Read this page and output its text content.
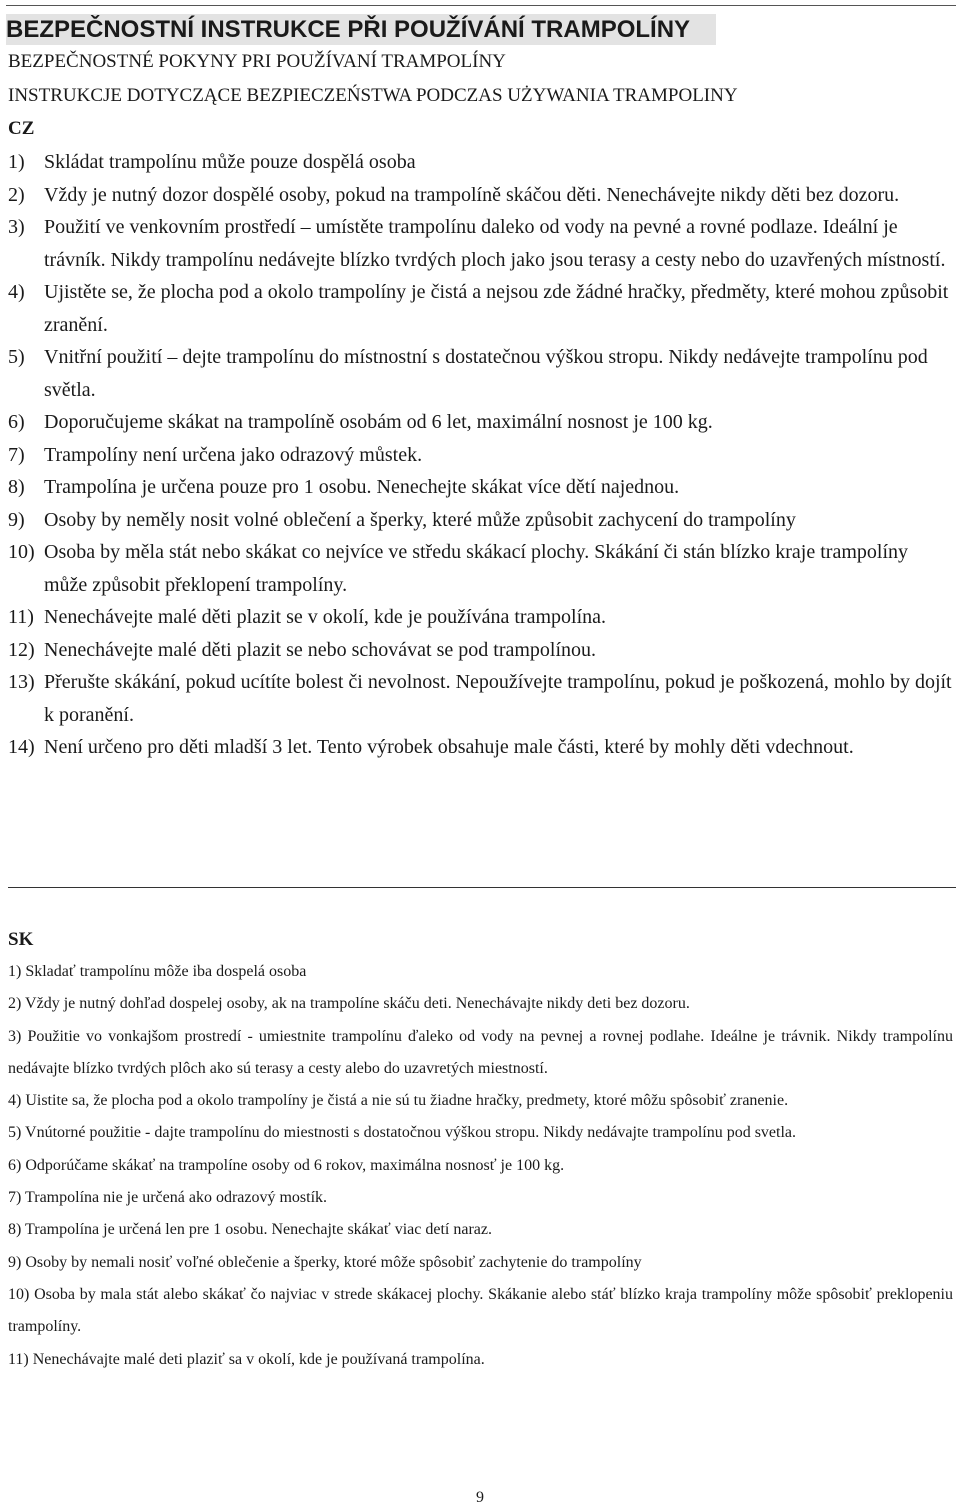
BEZPEČNOSTNÍ INSTRUKCE PŘI POUŽÍVÁNÍ TRAMPOLÍNY
BEZPEČNOSTNÉ POKYNY PRI POUŽÍVANÍ TRAMPOLÍNY
INSTRUKCJE DOTYCZĄCE BEZPIECZEŃSTWA PODCZAS UŻYWANIA TRAMPOLINY
CZ
1) Skládat trampolínu může pouze dospělá osoba
2) Vždy je nutný dozor dospělé osoby, pokud na trampolíně skáčou děti. Nenechávejte nikdy děti bez dozoru.
3) Použití ve venkovním prostředí – umístěte trampolínu daleko od vody na pevné a rovné podlaze. Ideální je trávník. Nikdy trampolínu nedávejte blízko tvrdých ploch jako jsou terasy a cesty nebo do uzavřených místností.
4) Ujistěte se, že plocha pod a okolo trampolíny je čistá a nejsou zde žádné hračky, předměty, které mohou způsobit zranění.
5) Vnitřní použití – dejte trampolínu do místnostní s dostatečnou výškou stropu. Nikdy nedávejte trampolínu pod světla.
6) Doporučujeme skákat na trampolíně osobám od 6 let, maximální nosnost je 100 kg.
7) Trampolíny není určena jako odrazový můstek.
8) Trampolína je určena pouze pro 1 osobu. Nenechejte skákat více dětí najednou.
9) Osoby by neměly nosit volné oblečení a šperky, které může způsobit zachycení do trampolíny
10) Osoba by měla stát nebo skákat co nejvíce ve středu skákací plochy. Skákání či stán blízko kraje trampolíny může způsobit překlopení trampolíny.
11) Nenechávejte malé děti plazit se v okolí, kde je používána trampolína.
12) Nenechávejte malé děti plazit se nebo schovávat se pod trampolínou.
13) Přerušte skákání, pokud ucítíte bolest či nevolnost. Nepoužívejte trampolínu, pokud je poškozená, mohlo by dojít k poranění.
14) Není určeno pro děti mladší 3 let. Tento výrobek obsahuje male části, které by mohly děti vdechnout.
SK
1) Skladať trampolínu môže iba dospelá osoba
2) Vždy je nutný dohľad dospelej osoby, ak na trampolíne skáču deti. Nenechávajte nikdy deti bez dozoru.
3) Použitie vo vonkajšom prostredí - umiestnite trampolínu ďaleko od vody na pevnej a rovnej podlahe. Ideálne je trávnik. Nikdy trampolínu nedávajte blízko tvrdých plôch ako sú terasy a cesty alebo do uzavretých miestností.
4) Uistite sa, že plocha pod a okolo trampolíny je čistá a nie sú tu žiadne hračky, predmety, ktoré môžu spôsobiť zranenie.
5) Vnútorné použitie - dajte trampolínu do miestnosti s dostatočnou výškou stropu. Nikdy nedávajte trampolínu pod svetla.
6) Odporúčame skákať na trampolíne osoby od 6 rokov, maximálna nosnosť je 100 kg.
7) Trampolína nie je určená ako odrazový mostík.
8) Trampolína je určená len pre 1 osobu. Nenechajte skákať viac detí naraz.
9) Osoby by nemali nosiť voľné oblečenie a šperky, ktoré môže spôsobiť zachytenie do trampolíny
10) Osoba by mala stát alebo skákať čo najviac v strede skákacej plochy. Skákanie alebo stáť blízko kraja trampolíny môže spôsobiť preklopeniu trampolíny.
11) Nenechávajte malé deti plaziť sa v okolí, kde je používaná trampolína.
9
